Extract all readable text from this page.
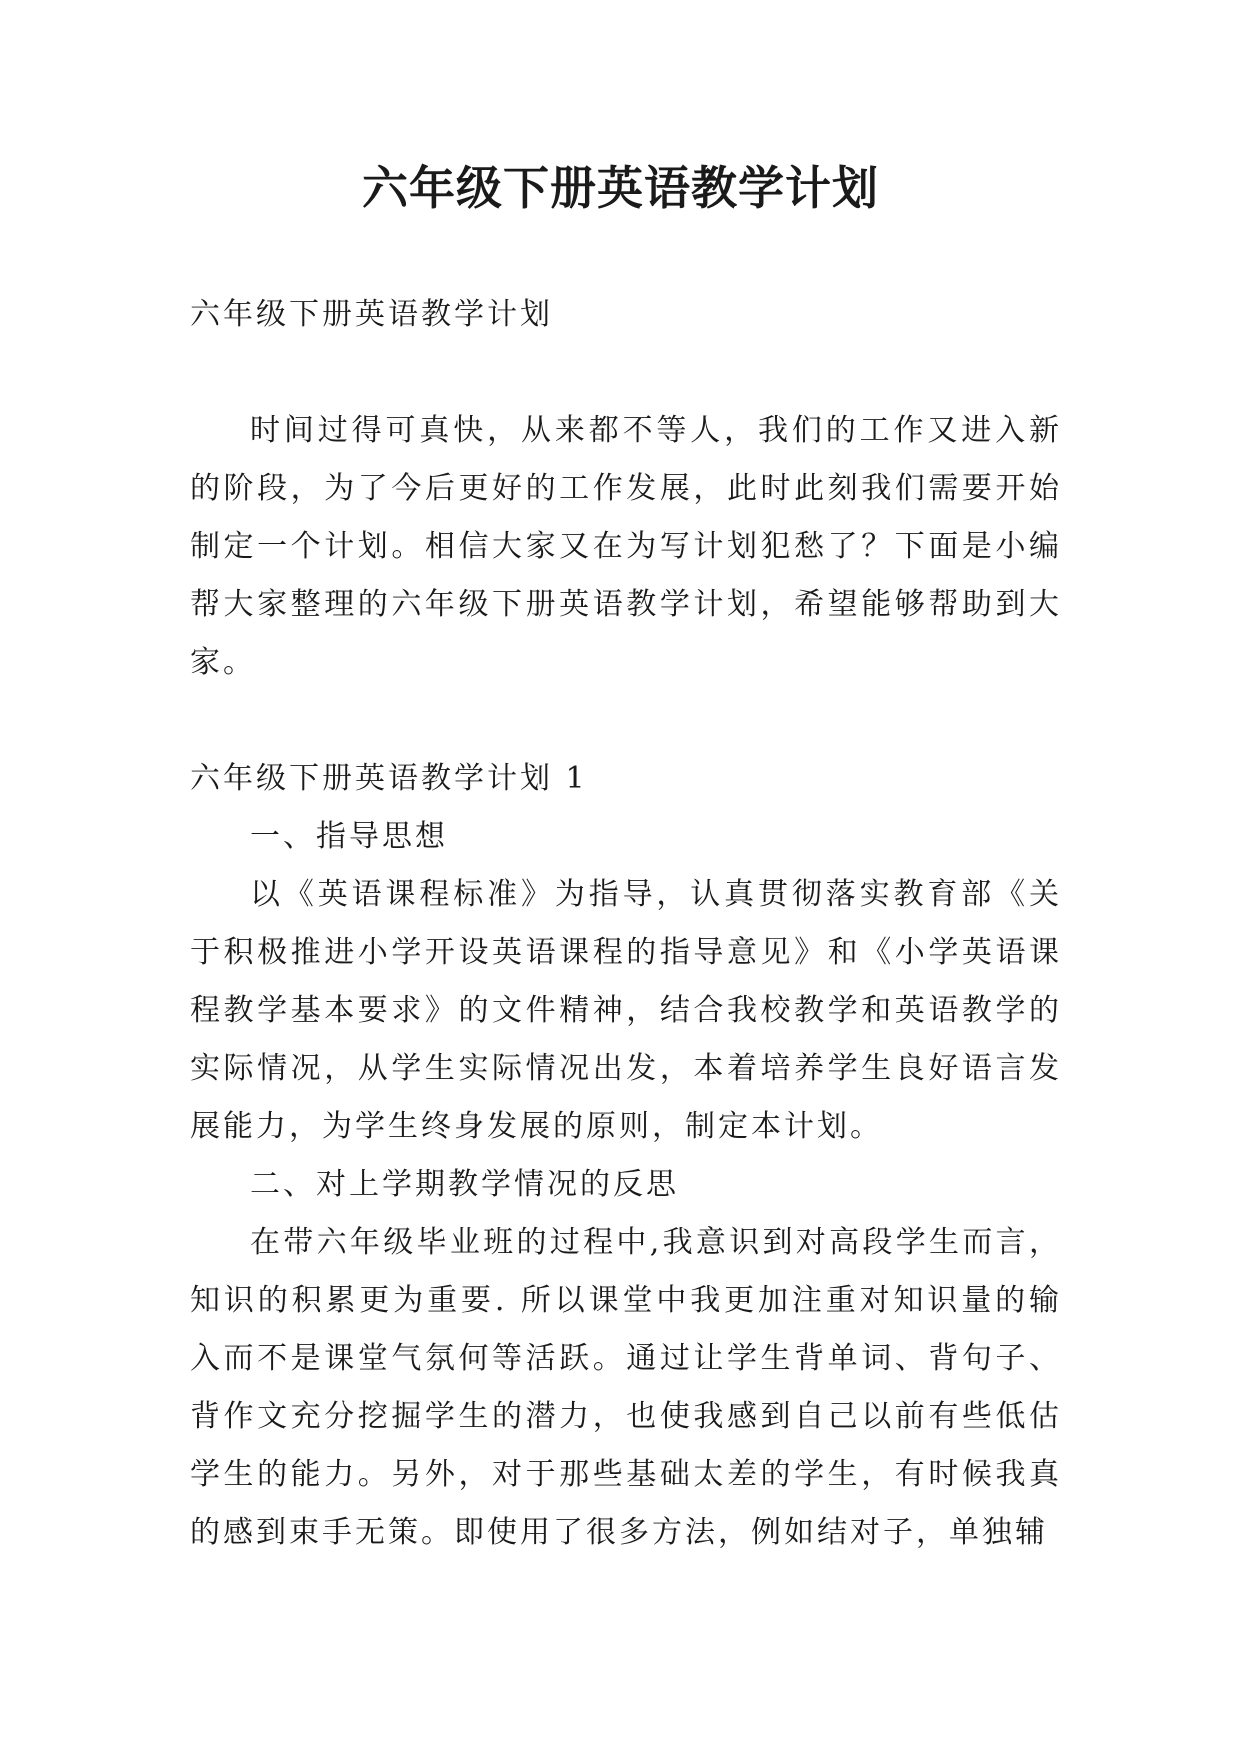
六年级下册英语教学计划

六年级下册英语教学计划

时间过得可真快，从来都不等人，我们的工作又进入新的阶段，为了今后更好的工作发展，此时此刻我们需要开始制定一个计划。相信大家又在为写计划犯愁了？下面是小编帮大家整理的六年级下册英语教学计划，希望能够帮助到大家。

六年级下册英语教学计划 1

一、指导思想

以《英语课程标准》为指导，认真贯彻落实教育部《关于积极推进小学开设英语课程的指导意见》和《小学英语课程教学基本要求》的文件精神，结合我校教学和英语教学的实际情况，从学生实际情况出发，本着培养学生良好语言发展能力，为学生终身发展的原则，制定本计划。

二、对上学期教学情况的反思

在带六年级毕业班的过程中,我意识到对高段学生而言，知识的积累更为重要. 所以课堂中我更加注重对知识量的输入而不是课堂气氛何等活跃。通过让学生背单词、背句子、背作文充分挖掘学生的潜力，也使我感到自己以前有些低估学生的能力。另外，对于那些基础太差的学生，有时候我真的感到束手无策。即使用了很多方法，例如结对子，单独辅
